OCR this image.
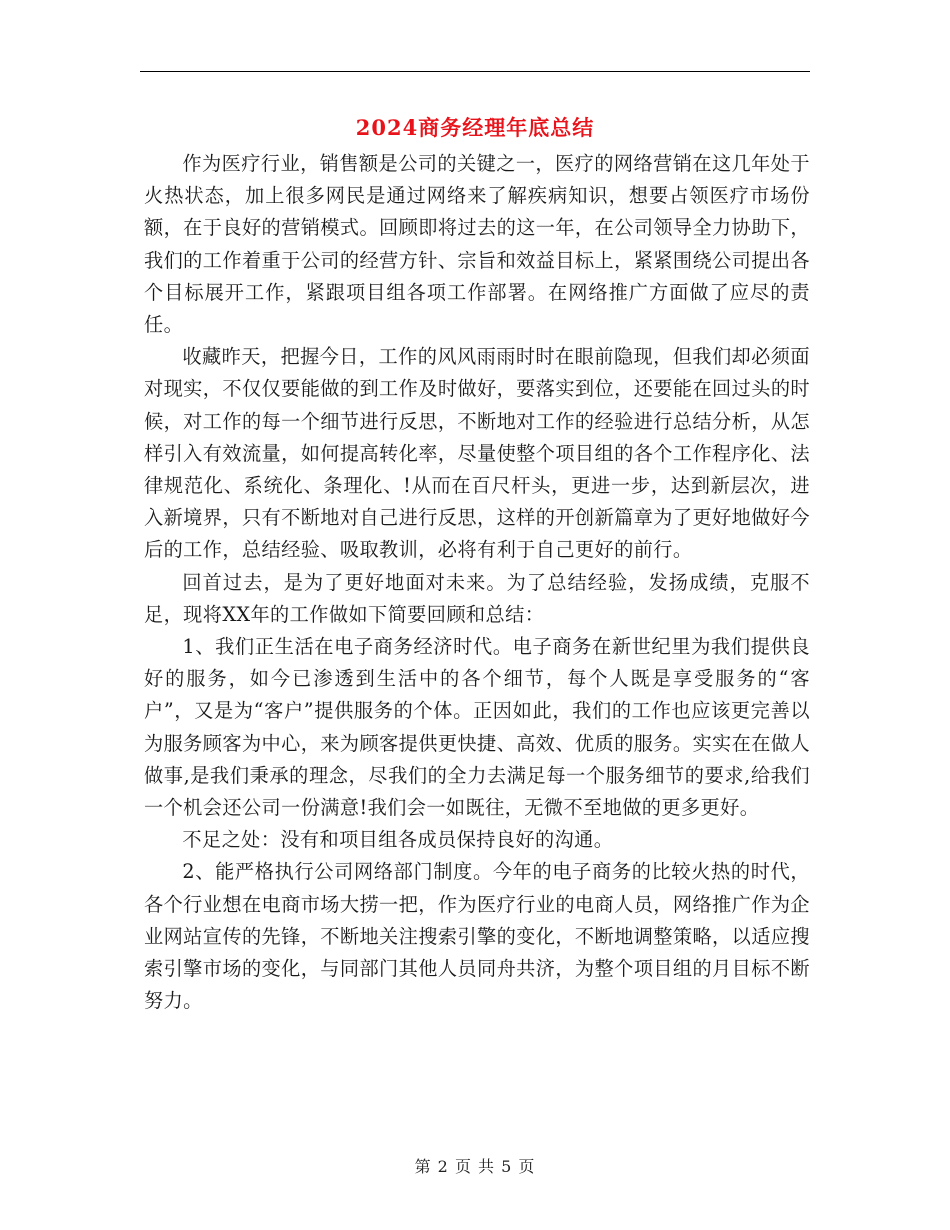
2024商务经理年底总结

作为医疗行业，销售额是公司的关键之一，医疗的网络营销在这几年处于火热状态，加上很多网民是通过网络来了解疾病知识，想要占领医疗市场份额，在于良好的营销模式。回顾即将过去的这一年，在公司领导全力协助下，我们的工作着重于公司的经营方针、宗旨和效益目标上，紧紧围绕公司提出各个目标展开工作，紧跟项目组各项工作部署。在网络推广方面做了应尽的责任。

收藏昨天，把握今日，工作的风风雨雨时时在眼前隐现，但我们却必须面对现实，不仅仅要能做的到工作及时做好，要落实到位，还要能在回过头的时候，对工作的每一个细节进行反思，不断地对工作的经验进行总结分析，从怎样引入有效流量，如何提高转化率，尽量使整个项目组的各个工作程序化、法律规范化、系统化、条理化、!从而在百尺杆头，更进一步，达到新层次，进入新境界，只有不断地对自己进行反思，这样的开创新篇章为了更好地做好今后的工作，总结经验、吸取教训，必将有利于自己更好的前行。

回首过去，是为了更好地面对未来。为了总结经验，发扬成绩，克服不足，现将XX年的工作做如下简要回顾和总结：

1、我们正生活在电子商务经济时代。电子商务在新世纪里为我们提供良好的服务，如今已渗透到生活中的各个细节，每个人既是享受服务的“客户”，又是为“客户”提供服务的个体。正因如此，我们的工作也应该更完善以为服务顾客为中心，来为顾客提供更快捷、高效、优质的服务。实实在在做人做事,是我们秉承的理念，尽我们的全力去满足每一个服务细节的要求,给我们一个机会还公司一份满意!我们会一如既往，无微不至地做的更多更好。

不足之处：没有和项目组各成员保持良好的沟通。

2、能严格执行公司网络部门制度。今年的电子商务的比较火热的时代，各个行业想在电商市场大捞一把，作为医疗行业的电商人员，网络推广作为企业网站宣传的先锋，不断地关注搜索引擎的变化，不断地调整策略，以适应搜索引擎市场的变化，与同部门其他人员同舟共济，为整个项目组的月目标不断努力。

第 2 页 共 5 页
